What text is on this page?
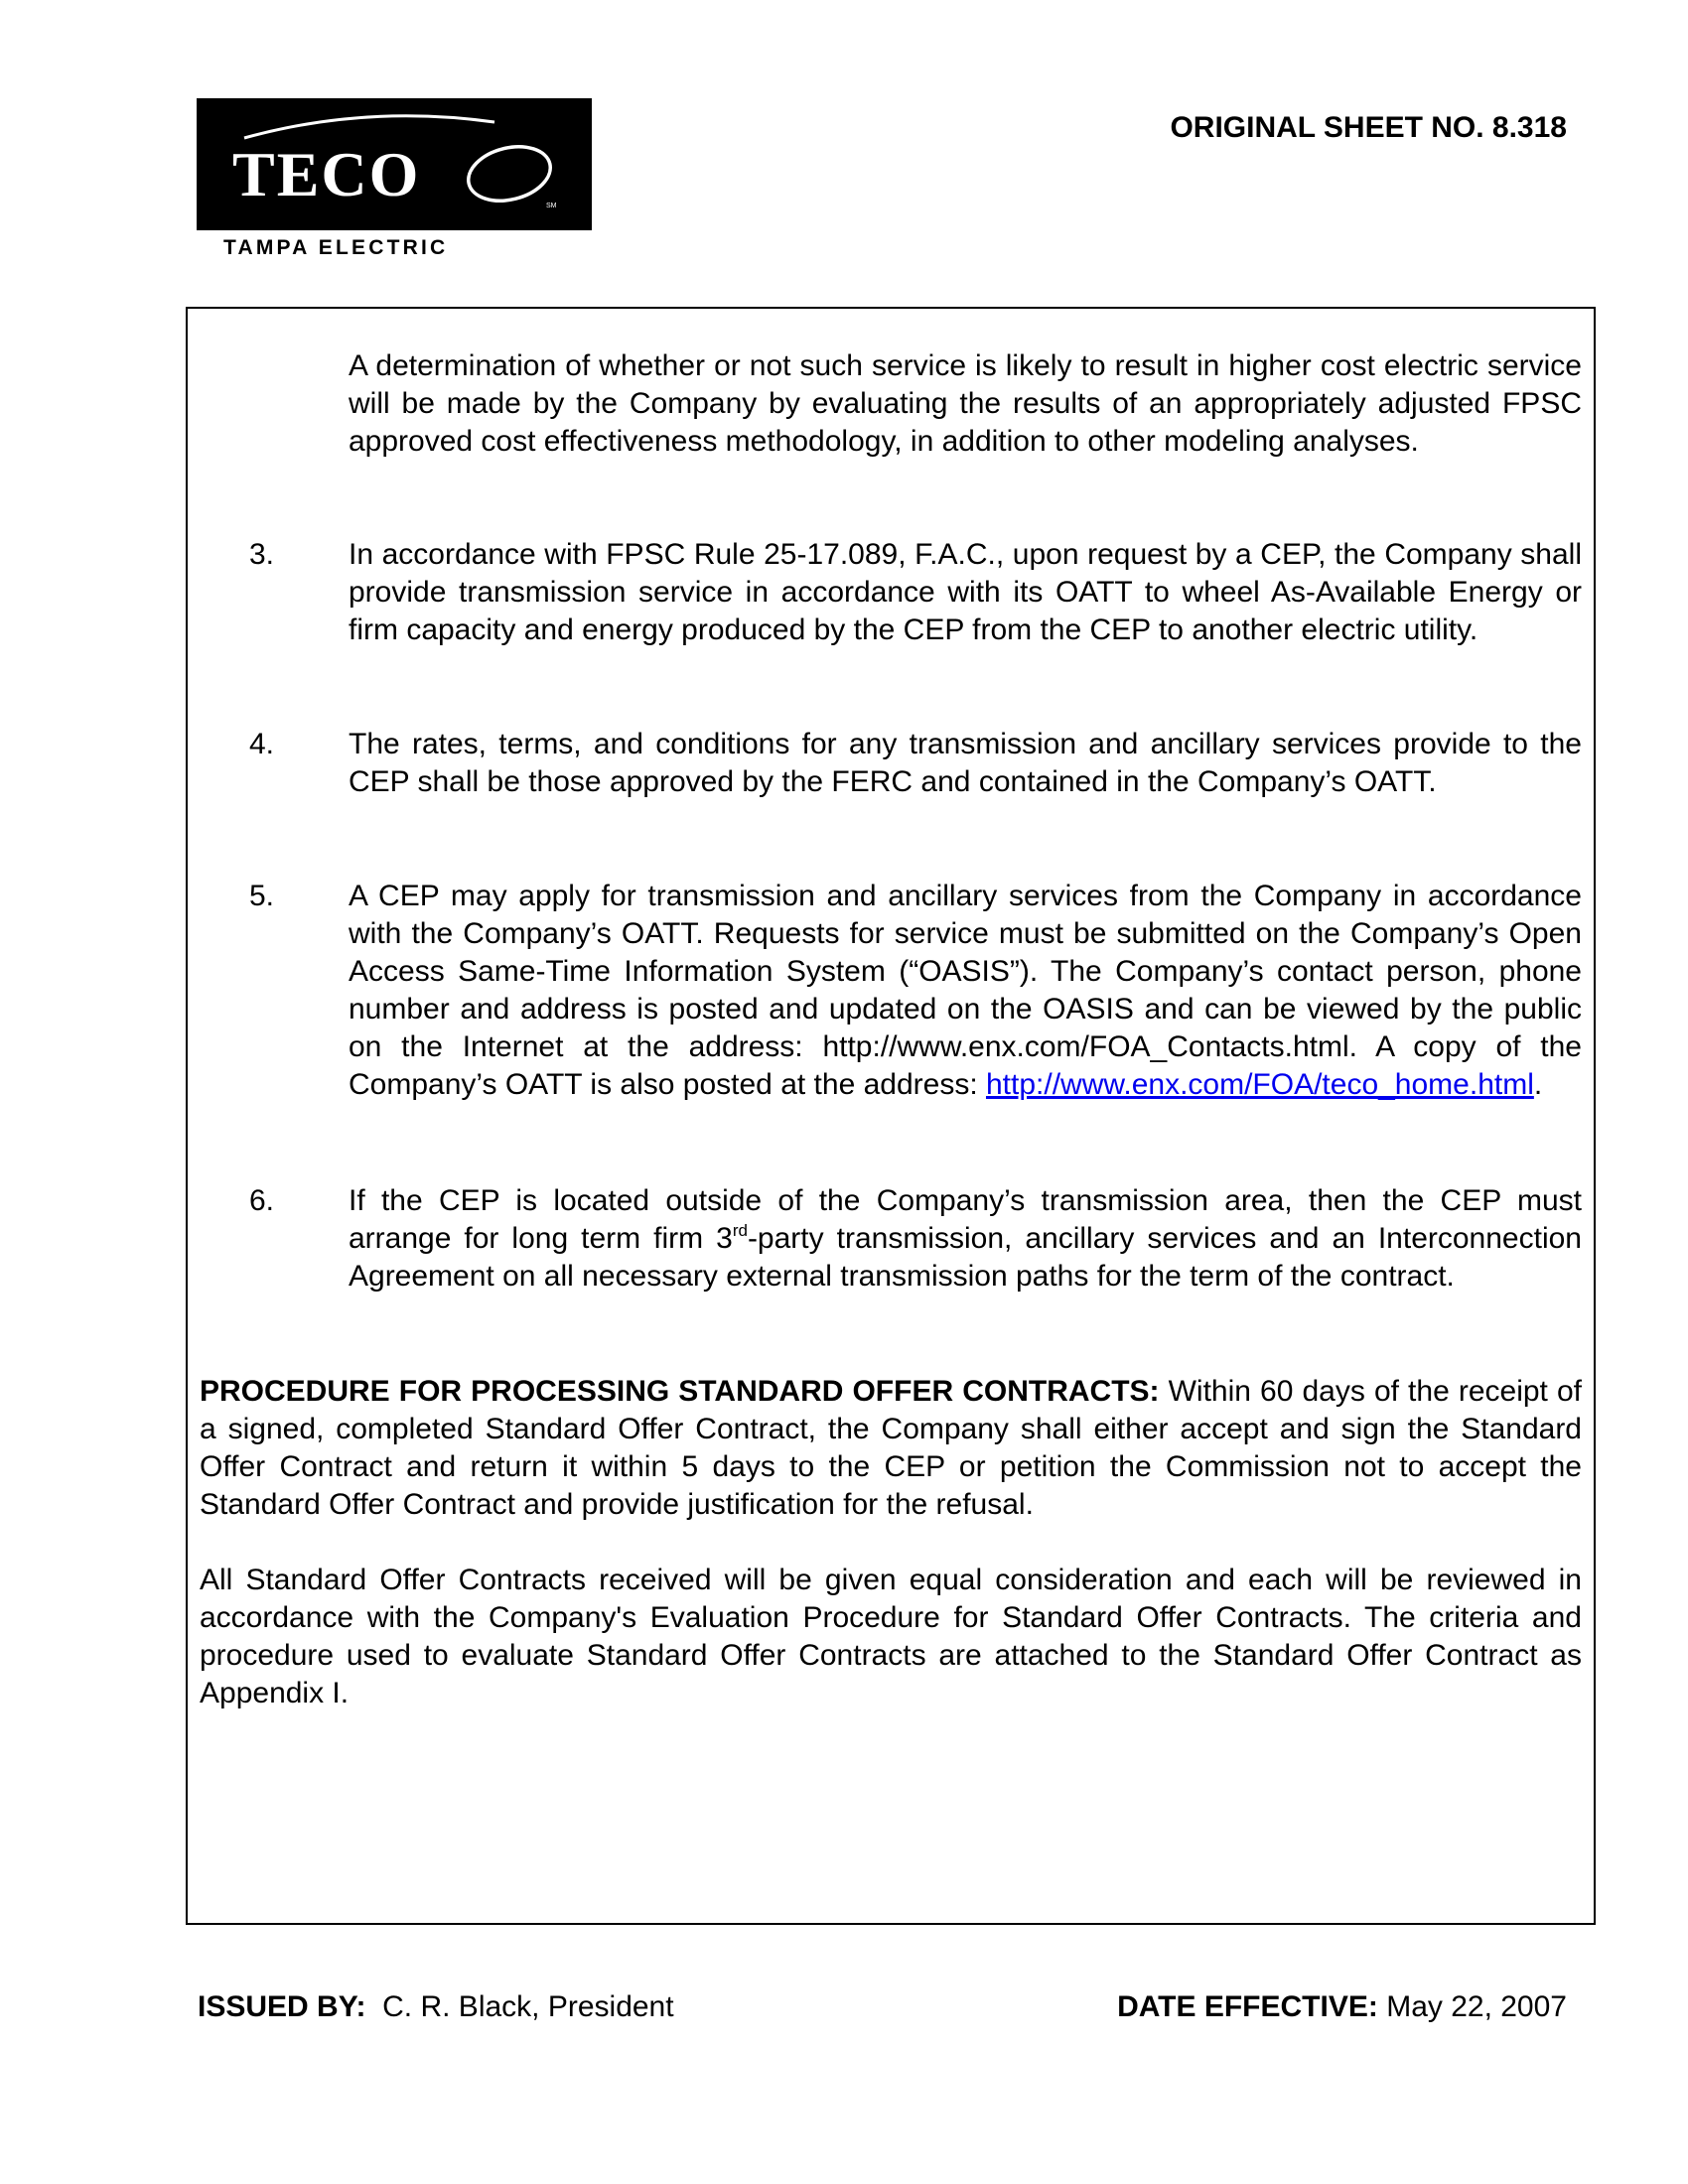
TECO	SM
TAMPA ELECTRIC
ORIGINAL SHEET NO. 8.318
A determination of whether or not such service is likely to result in higher cost electric service will be made by the Company by evaluating the results of an appropriately adjusted FPSC approved cost effectiveness methodology, in addition to other modeling analyses.
3. In accordance with FPSC Rule 25-17.089, F.A.C., upon request by a CEP, the Company shall provide transmission service in accordance with its OATT to wheel As-Available Energy or firm capacity and energy produced by the CEP from the CEP to another electric utility.
4. The rates, terms, and conditions for any transmission and ancillary services provide to the CEP shall be those approved by the FERC and contained in the Company’s OATT.
5. A CEP may apply for transmission and ancillary services from the Company in accordance with the Company’s OATT. Requests for service must be submitted on the Company’s Open Access Same-Time Information System (“OASIS”). The Company’s contact person, phone number and address is posted and updated on the OASIS and can be viewed by the public on the Internet at the address: http://www.enx.com/FOA_Contacts.html. A copy of the Company’s OATT is also posted at the address: http://www.enx.com/FOA/teco_home.html.
6. If the CEP is located outside of the Company’s transmission area, then the CEP must arrange for long term firm 3rd-party transmission, ancillary services and an Interconnection Agreement on all necessary external transmission paths for the term of the contract.
PROCEDURE FOR PROCESSING STANDARD OFFER CONTRACTS: Within 60 days of the receipt of a signed, completed Standard Offer Contract, the Company shall either accept and sign the Standard Offer Contract and return it within 5 days to the CEP or petition the Commission not to accept the Standard Offer Contract and provide justification for the refusal.
All Standard Offer Contracts received will be given equal consideration and each will be reviewed in accordance with the Company's Evaluation Procedure for Standard Offer Contracts. The criteria and procedure used to evaluate Standard Offer Contracts are attached to the Standard Offer Contract as Appendix I.
ISSUED BY: C. R. Black, President	DATE EFFECTIVE: May 22, 2007
